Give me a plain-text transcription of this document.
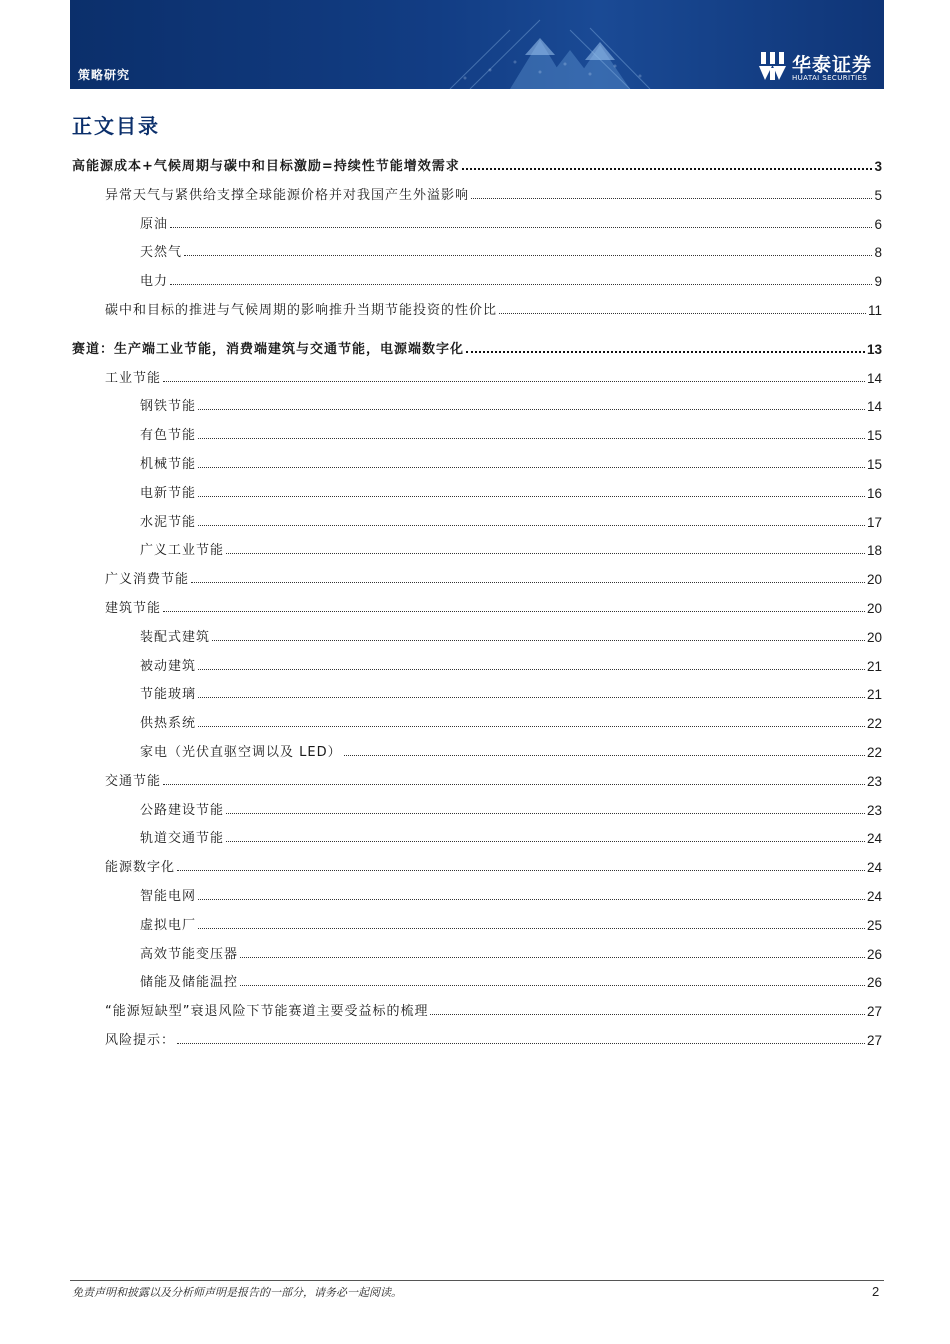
策略研究	华泰证券
HUATAI SECURITIES
正文目录
高能源成本+气候周期与碳中和目标激励=持续性节能增效需求	3
异常天气与紧供给支撑全球能源价格并对我国产生外溢影响	5
原油	6
天然气	8
电力	9
碳中和目标的推进与气候周期的影响推升当期节能投资的性价比	11
赛道：生产端工业节能，消费端建筑与交通节能，电源端数字化	13
工业节能	14
钢铁节能	14
有色节能	15
机械节能	15
电新节能	16
水泥节能	17
广义工业节能	18
广义消费节能	20
建筑节能	20
装配式建筑	20
被动建筑	21
节能玻璃	21
供热系统	22
家电（光伏直驱空调以及 LED）	22
交通节能	23
公路建设节能	23
轨道交通节能	24
能源数字化	24
智能电网	24
虚拟电厂	25
高效节能变压器	26
储能及储能温控	26
“能源短缺型”衰退风险下节能赛道主要受益标的梳理	27
风险提示：	27
免责声明和披露以及分析师声明是报告的一部分，请务必一起阅读。	2
